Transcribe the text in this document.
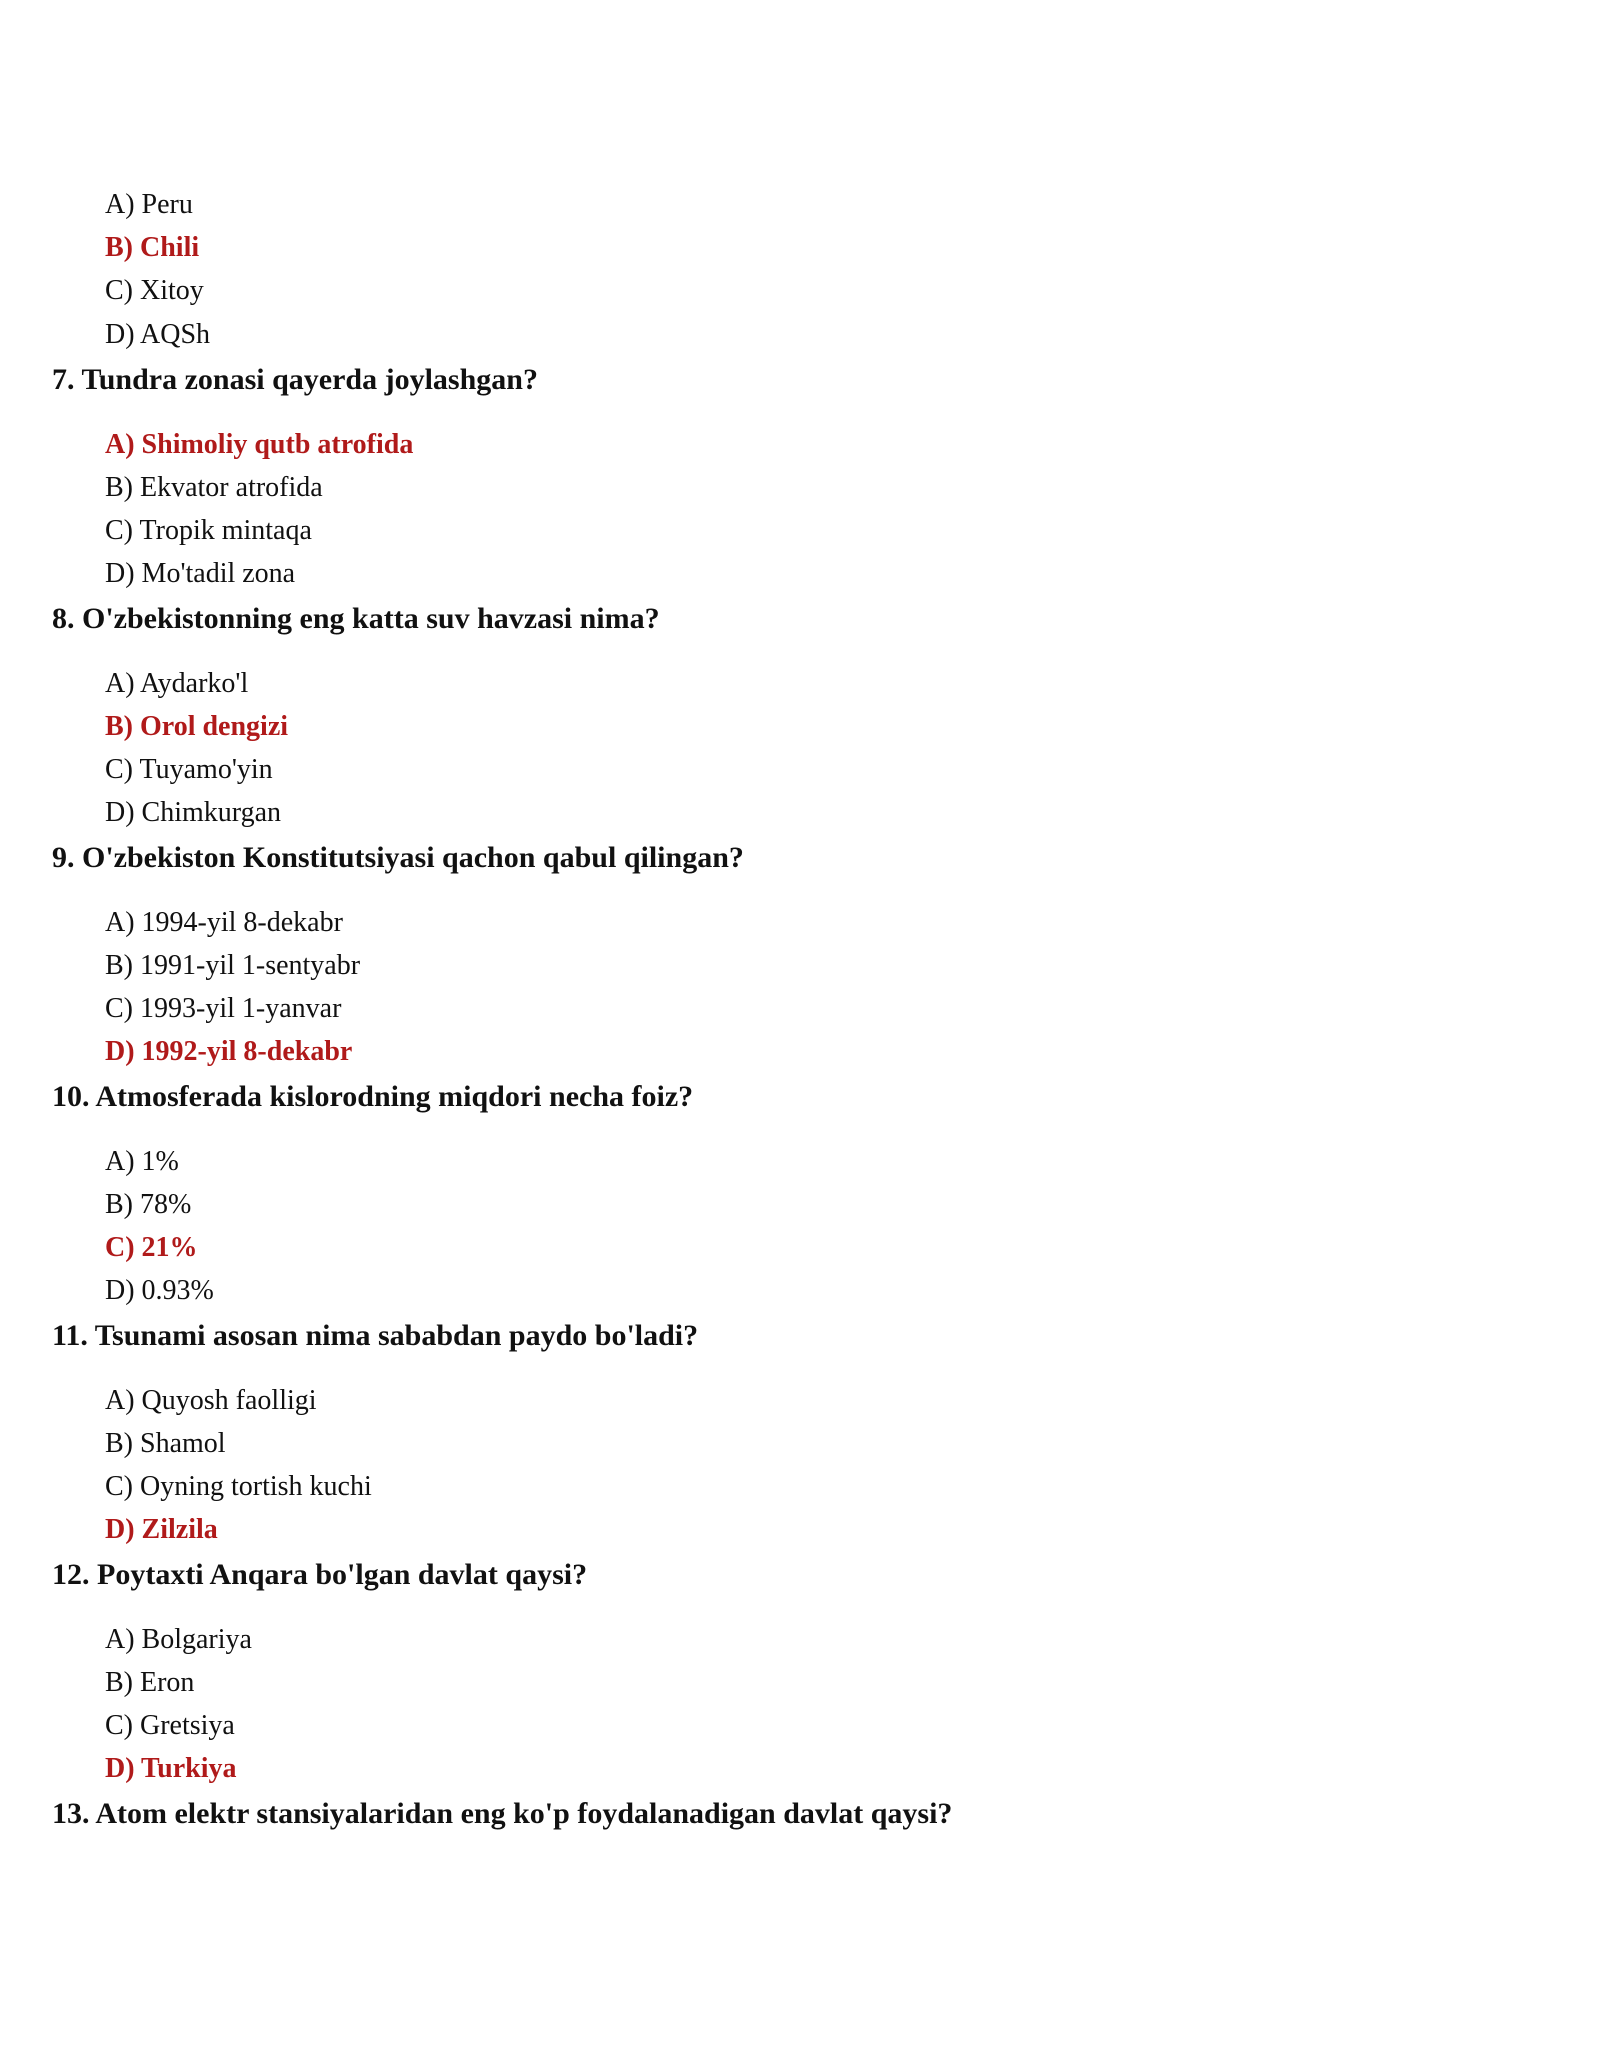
A) Peru
B) Chili
C) Xitoy
D) AQSh
7. Tundra zonasi qayerda joylashgan?
A) Shimoliy qutb atrofida
B) Ekvator atrofida
C) Tropik mintaqa
D) Mo'tadil zona
8. O'zbekistonning eng katta suv havzasi nima?
A) Aydarko'l
B) Orol dengizi
C) Tuyamo'yin
D) Chimkurgan
9. O'zbekiston Konstitutsiyasi qachon qabul qilingan?
A) 1994-yil 8-dekabr
B) 1991-yil 1-sentyabr
C) 1993-yil 1-yanvar
D) 1992-yil 8-dekabr
10. Atmosferada kislorodning miqdori necha foiz?
A) 1%
B) 78%
C) 21%
D) 0.93%
11. Tsunami asosan nima sababdan paydo bo'ladi?
A) Quyosh faolligi
B) Shamol
C) Oyning tortish kuchi
D) Zilzila
12. Poytaxti Anqara bo'lgan davlat qaysi?
A) Bolgariya
B) Eron
C) Gretsiya
D) Turkiya
13. Atom elektr stansiyalaridan eng ko'p foydalanadigan davlat qaysi?
